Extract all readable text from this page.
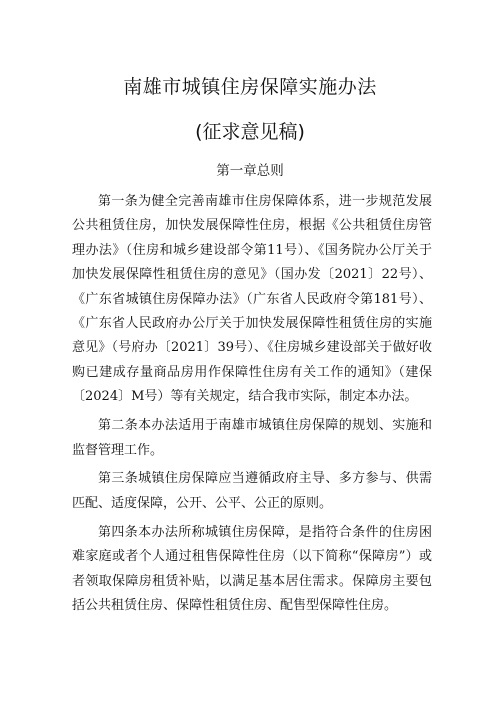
南雄市城镇住房保障实施办法
(征求意见稿)
第一章总则

第一条为健全完善南雄市住房保障体系，进一步规范发展公共租赁住房，加快发展保障性住房，根据《公共租赁住房管理办法》（住房和城乡建设部令第11号）、《国务院办公厅关于加快发展保障性租赁住房的意见》（国办发〔2021〕22号）、《广东省城镇住房保障办法》（广东省人民政府令第181号）、《广东省人民政府办公厅关于加快发展保障性租赁住房的实施意见》（号府办〔2021〕39号）、《住房城乡建设部关于做好收购已建成存量商品房用作保障性住房有关工作的通知》（建保〔2024〕M号）等有关规定，结合我市实际，制定本办法。

第二条本办法适用于南雄市城镇住房保障的规划、实施和监督管理工作。

第三条城镇住房保障应当遵循政府主导、多方参与、供需匹配、适度保障，公开、公平、公正的原则。

第四条本办法所称城镇住房保障，是指符合条件的住房困难家庭或者个人通过租售保障性住房（以下简称“保障房”）或者领取保障房租赁补贴，以满足基本居住需求。保障房主要包括公共租赁住房、保障性租赁住房、配售型保障性住房。
